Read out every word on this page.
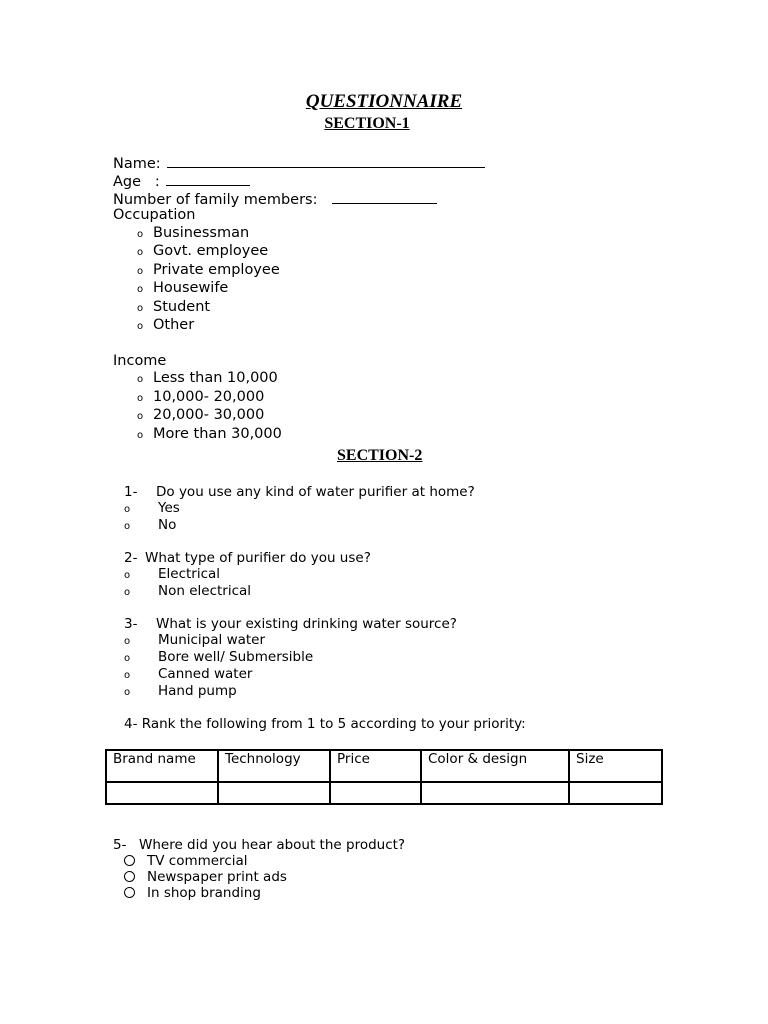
QUESTIONNAIRE
SECTION-1
Name:
Age   :
Number of family members:
Occupation
o Businessman
o Govt. employee
o Private employee
o Housewife
o Student
o Other
Income
o Less than 10,000
o 10,000- 20,000
o 20,000- 30,000
o More than 30,000
SECTION-2
1- Do you use any kind of water purifier at home?
o Yes
o No
2- What type of purifier do you use?
o Electrical
o Non electrical
3- What is your existing drinking water source?
o Municipal water
o Bore well/ Submersible
o Canned water
o Hand pump
4- Rank the following from 1 to 5 according to your priority:
Brand name	Technology	Price	Color & design	Size

5- Where did you hear about the product?
TV commercial
Newspaper print ads
In shop branding
